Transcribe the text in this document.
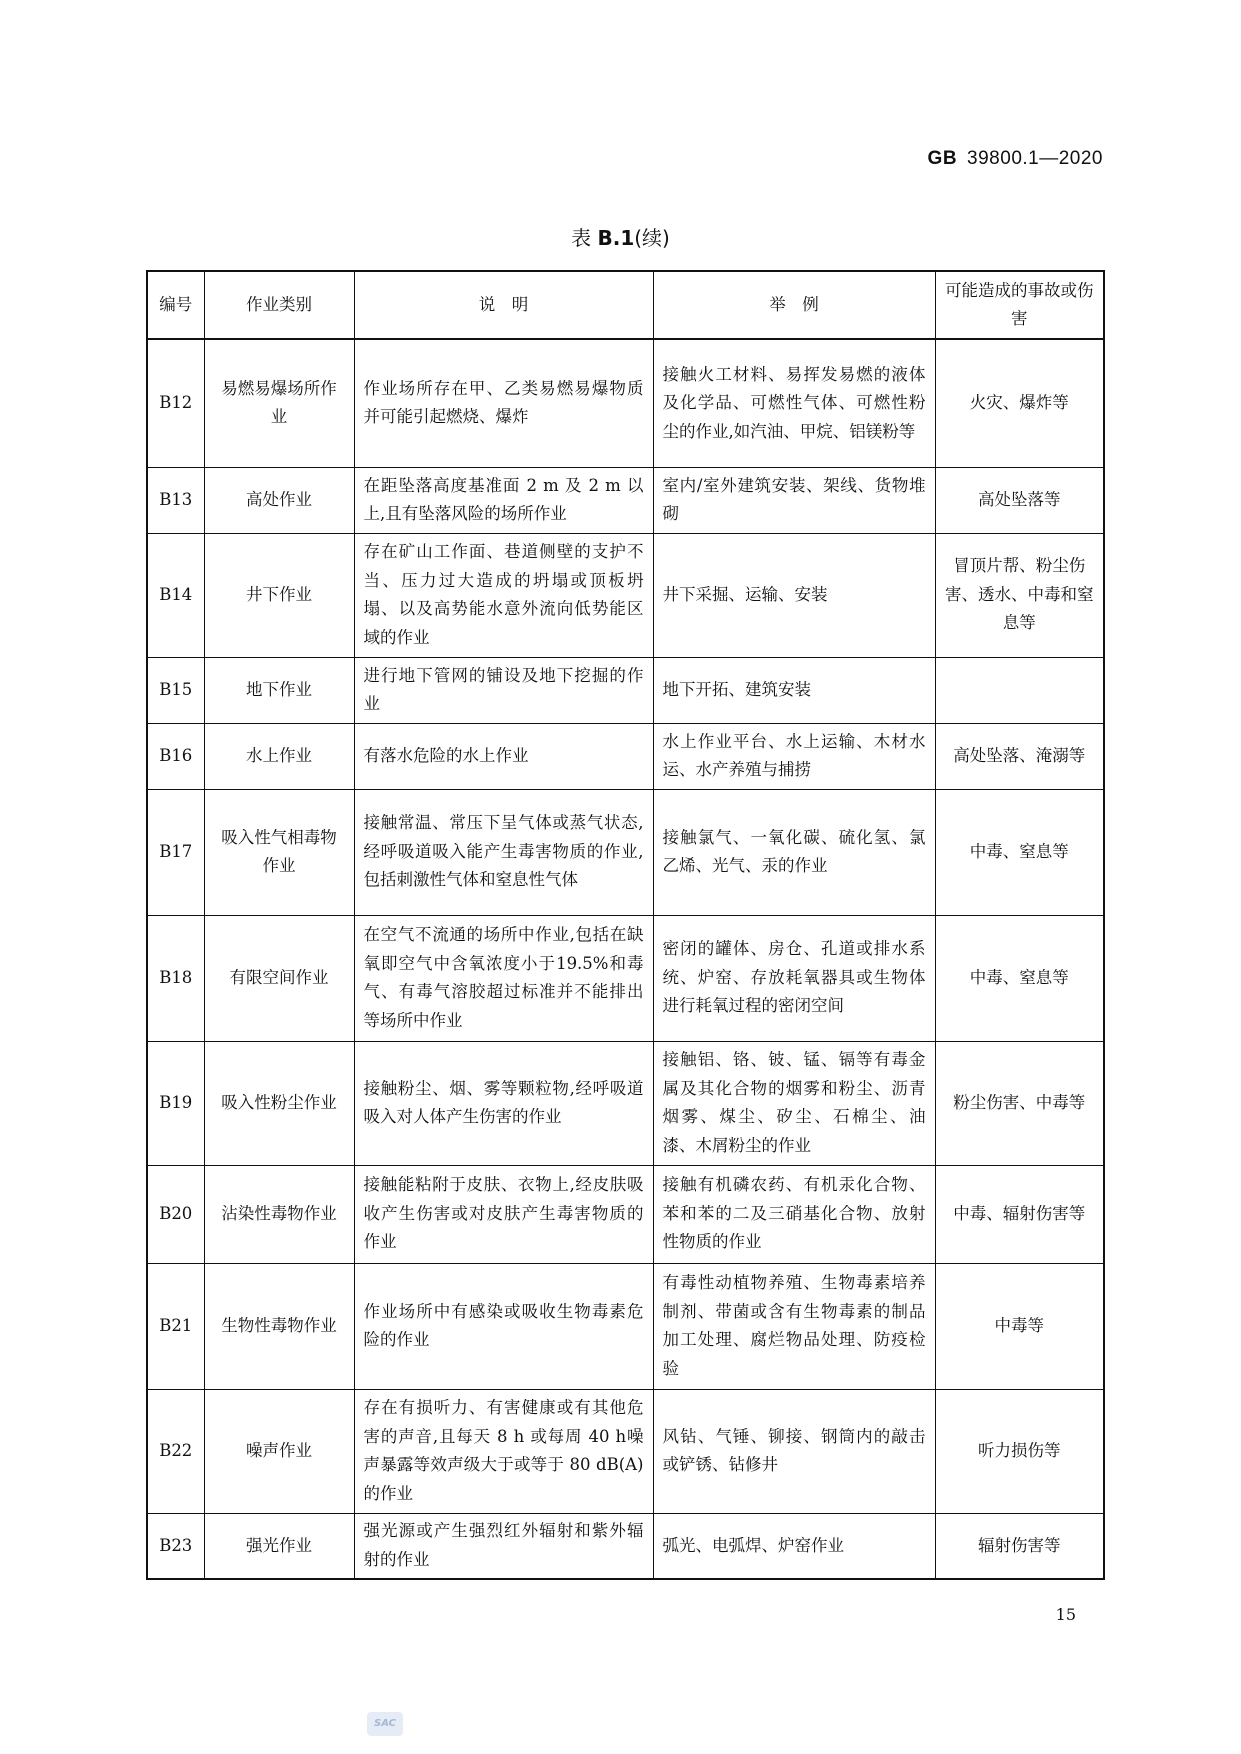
GB 39800.1—2020
表 B.1(续)
编号	作业类别	说　明	举　例	可能造成的事故或伤害
B12	易燃易爆场所作业	作业场所存在甲、乙类易燃易爆物质并可能引起燃烧、爆炸	接触火工材料、易挥发易燃的液体及化学品、可燃性气体、可燃性粉尘的作业,如汽油、甲烷、铝镁粉等	火灾、爆炸等
B13	高处作业	在距坠落高度基准面 2 m 及 2 m 以上,且有坠落风险的场所作业	室内/室外建筑安装、架线、货物堆砌	高处坠落等
B14	井下作业	存在矿山工作面、巷道侧壁的支护不当、压力过大造成的坍塌或顶板坍塌、以及高势能水意外流向低势能区域的作业	井下采掘、运输、安装	冒顶片帮、粉尘伤害、透水、中毒和窒息等
B15	地下作业	进行地下管网的铺设及地下挖掘的作业	地下开拓、建筑安装	
B16	水上作业	有落水危险的水上作业	水上作业平台、水上运输、木材水运、水产养殖与捕捞	高处坠落、淹溺等
B17	吸入性气相毒物作业	接触常温、常压下呈气体或蒸气状态,经呼吸道吸入能产生毒害物质的作业,包括刺激性气体和窒息性气体	接触氯气、一氧化碳、硫化氢、氯乙烯、光气、汞的作业	中毒、窒息等
B18	有限空间作业	在空气不流通的场所中作业,包括在缺氧即空气中含氧浓度小于19.5%和毒气、有毒气溶胶超过标准并不能排出等场所中作业	密闭的罐体、房仓、孔道或排水系统、炉窑、存放耗氧器具或生物体进行耗氧过程的密闭空间	中毒、窒息等
B19	吸入性粉尘作业	接触粉尘、烟、雾等颗粒物,经呼吸道吸入对人体产生伤害的作业	接触铝、铬、铍、锰、镉等有毒金属及其化合物的烟雾和粉尘、沥青烟雾、煤尘、矽尘、石棉尘、油漆、木屑粉尘的作业	粉尘伤害、中毒等
B20	沾染性毒物作业	接触能粘附于皮肤、衣物上,经皮肤吸收产生伤害或对皮肤产生毒害物质的作业	接触有机磷农药、有机汞化合物、苯和苯的二及三硝基化合物、放射性物质的作业	中毒、辐射伤害等
B21	生物性毒物作业	作业场所中有感染或吸收生物毒素危险的作业	有毒性动植物养殖、生物毒素培养制剂、带菌或含有生物毒素的制品加工处理、腐烂物品处理、防疫检验	中毒等
B22	噪声作业	存在有损听力、有害健康或有其他危害的声音,且每天 8 h 或每周 40 h噪声暴露等效声级大于或等于 80 dB(A)的作业	风钻、气锤、铆接、钢筒内的敲击或铲锈、钻修井	听力损伤等
B23	强光作业	强光源或产生强烈红外辐射和紫外辐射的作业	弧光、电弧焊、炉窑作业	辐射伤害等
15
SAC
